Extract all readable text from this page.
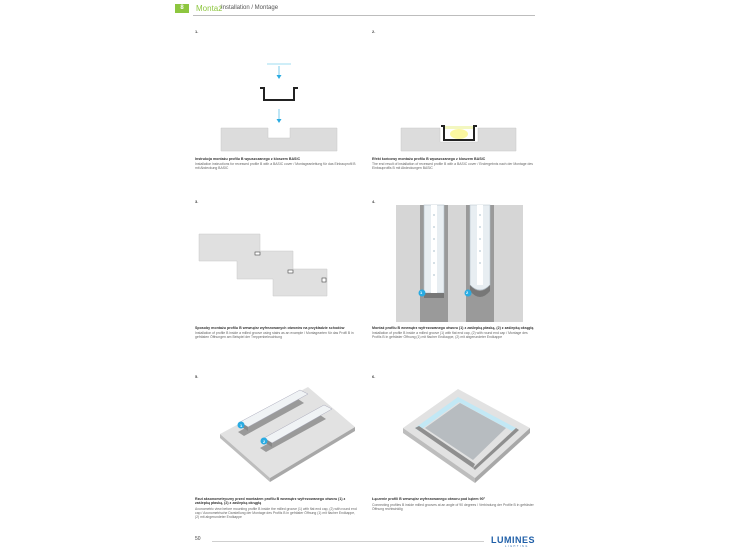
8	Montaż
Installation / Montage
1.
Instrukcja montażu profilu B wpuszczanego z kloszem BASIC
Installation instructions for recessed profile B with a BASIC cover / Montageanleitung für das Einbauprofil B mit Abdeckung BASIC
2.
Efekt końcowy montażu profilu B wpuszczanego z kloszem BASIC
The end result of installation of recessed profile B with a BASIC cover / Endergebnis nach der Montage des Einbauprofils B mit Abdeckungen BASIC
3.
Sposoby montażu profilu B wewnątrz wyfrezowanych otworów na przykładzie schodów
Installation of profile B inside a milled groove using stairs as an example / Montagearten für das Profil B in gefrästen Öffnungen am Beispiel der Treppenbeleuchtung
4.
1	2
Montaż profilu B wewnątrz wyfrezowanego otworu (1) z zaślepką płaską, (2) z zaślepką okrągłą
Installation of profile B inside a milled groove (1) with flat end cap, (2) with round end cap / Montage des Profils B in gefräster Öffnung (1) mit flacher Endkappe, (2) mit abgerundeter Endkappe
5.
1
2
Rzut aksonometryczny przed montażem profilu B wewnątrz wyfrezowanego otworu (1) z zaślepką płaską, (2) z zaślepką okrągłą
Axonometric view before mounting profile B inside the milled groove (1) with flat end cap, (2) with round end cap / Axonometrische Darstellung der Montage des Profils B in gefräster Öffnung (1) mit flacher Endkappe, (2) mit abgerundeter Endkappe
6.
Łączenie profili B wewnątrz wyfrezowanego otworu pod kątem 90°
Connecting profiles B inside milled grooves at an angle of 90 degrees / Verbindung der Profile B in gefräster Öffnung rechtwinklig
50	LUMINES
LIGHTING
